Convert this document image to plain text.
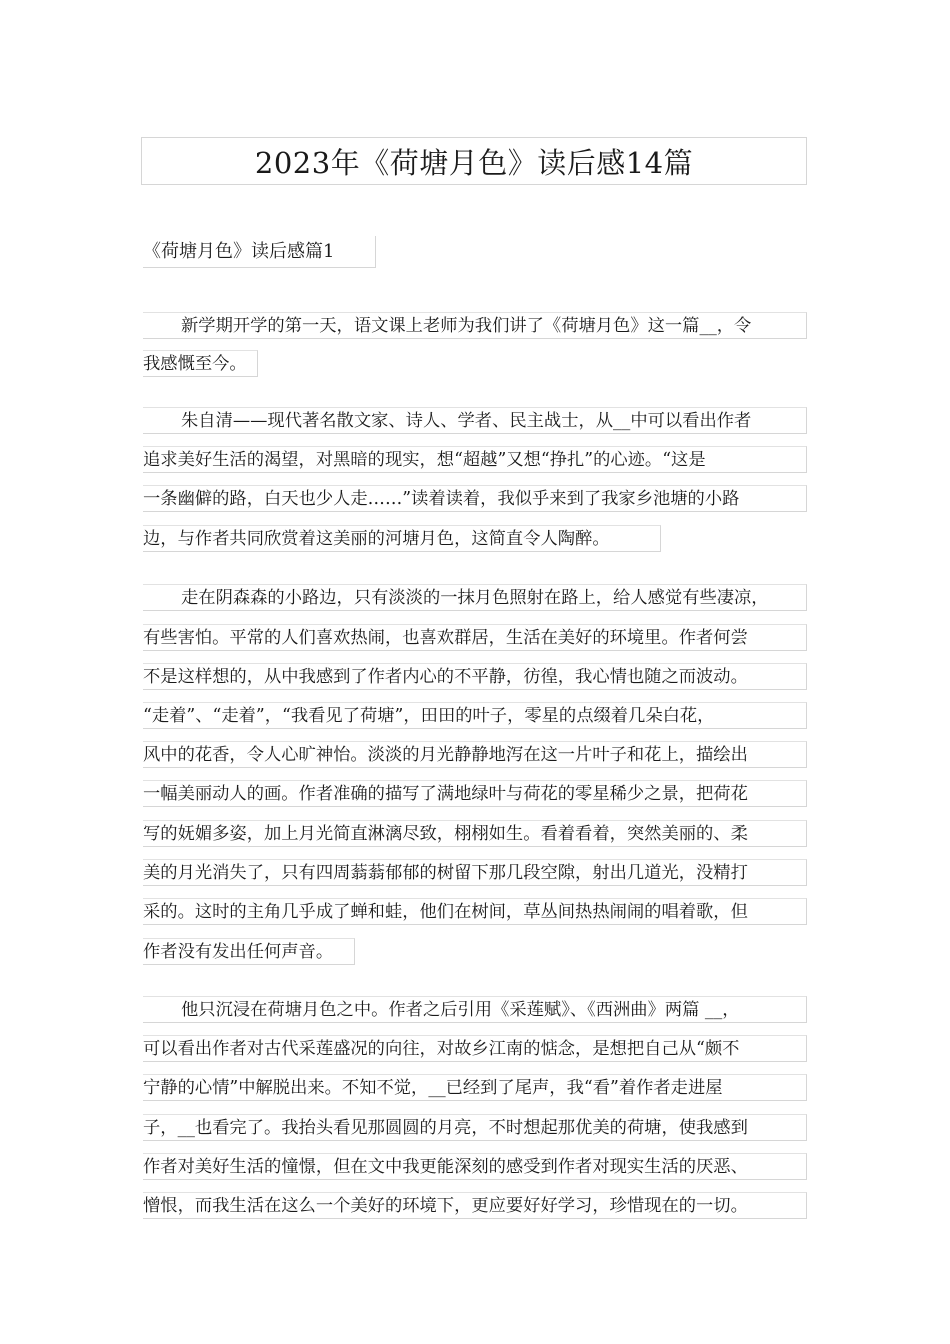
2023年《荷塘月色》读后感14篇
《荷塘月色》读后感篇1
新学期开学的第一天，语文课上老师为我们讲了《荷塘月色》这一篇__，令
我感慨至今。
朱自清——现代著名散文家、诗人、学者、民主战士，从__中可以看出作者
追求美好生活的渴望，对黑暗的现实，想“超越”又想“挣扎”的心迹。“这是
一条幽僻的路，白天也少人走……”读着读着，我似乎来到了我家乡池塘的小路
边，与作者共同欣赏着这美丽的河塘月色，这简直令人陶醉。
走在阴森森的小路边，只有淡淡的一抹月色照射在路上，给人感觉有些凄凉，
有些害怕。平常的人们喜欢热闹，也喜欢群居，生活在美好的环境里。作者何尝
不是这样想的，从中我感到了作者内心的不平静，彷徨，我心情也随之而波动。
“走着”、“走着”，“我看见了荷塘”，田田的叶子，零星的点缀着几朵白花，
风中的花香，令人心旷神怡。淡淡的月光静静地泻在这一片叶子和花上，描绘出
一幅美丽动人的画。作者准确的描写了满地绿叶与荷花的零星稀少之景，把荷花
写的妩媚多姿，加上月光简直淋漓尽致，栩栩如生。看着看着，突然美丽的、柔
美的月光消失了，只有四周蓊蓊郁郁的树留下那几段空隙，射出几道光，没精打
采的。这时的主角几乎成了蝉和蛙，他们在树间，草丛间热热闹闹的唱着歌，但
作者没有发出任何声音。
他只沉浸在荷塘月色之中。作者之后引用《采莲赋》、《西洲曲》两篇 __，
可以看出作者对古代采莲盛况的向往，对故乡江南的惦念，是想把自己从“颇不
宁静的心情”中解脱出来。不知不觉，__已经到了尾声，我“看”着作者走进屋
子，__也看完了。我抬头看见那圆圆的月亮，不时想起那优美的荷塘，使我感到
作者对美好生活的憧憬，但在文中我更能深刻的感受到作者对现实生活的厌恶、
憎恨，而我生活在这么一个美好的环境下，更应要好好学习，珍惜现在的一切。
